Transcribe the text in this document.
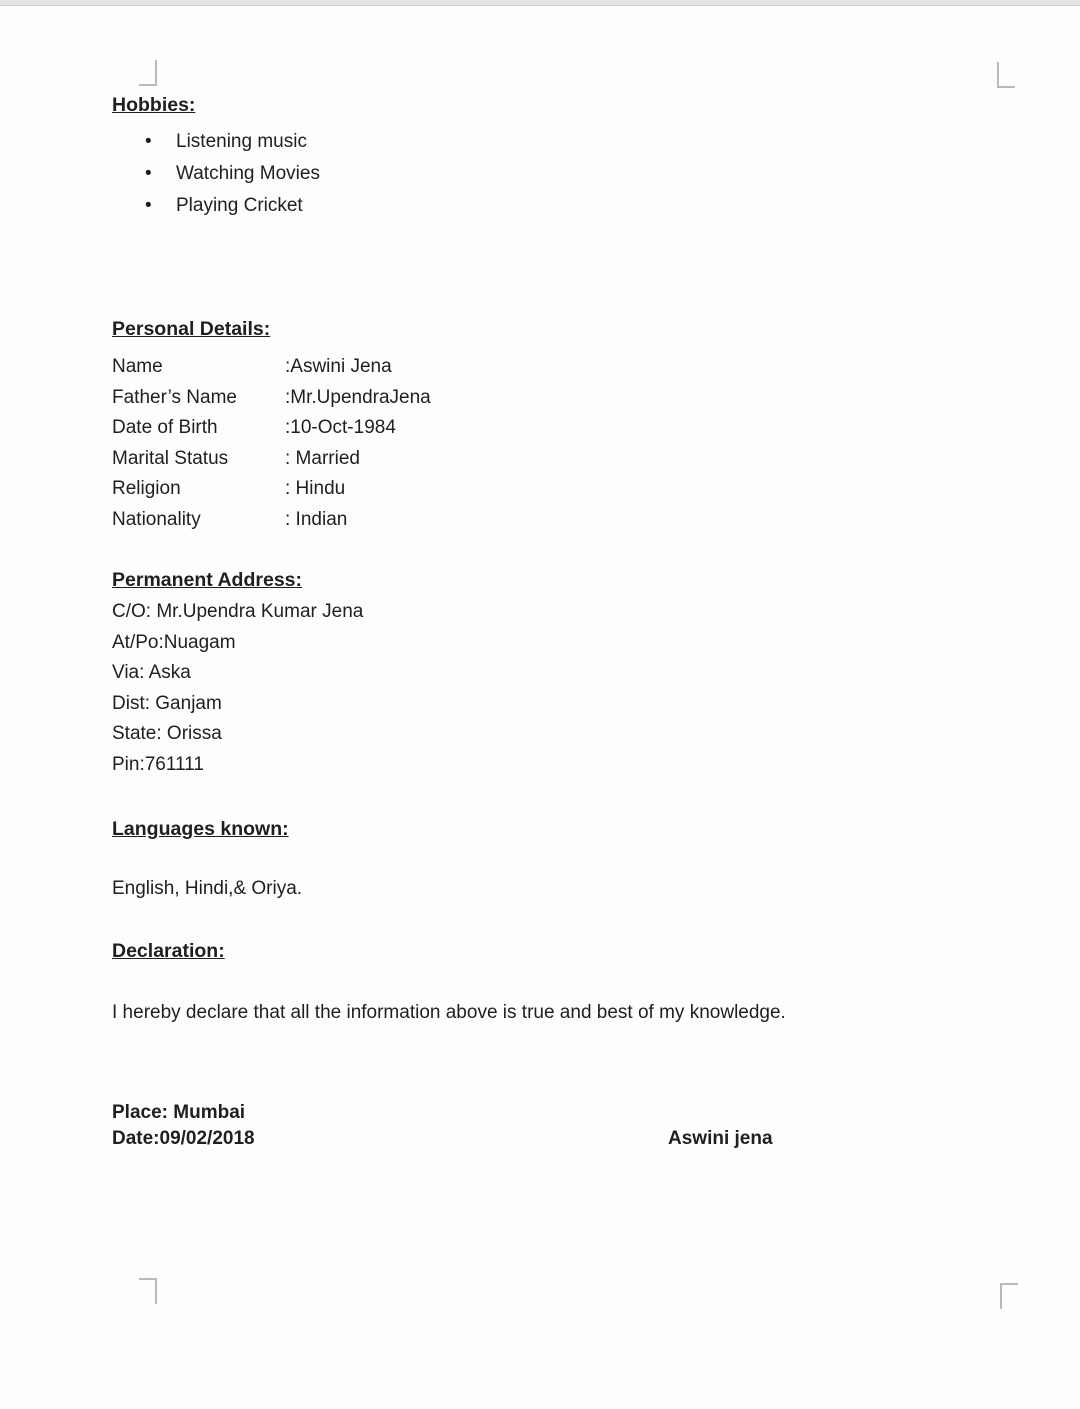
Hobbies:
• Listening music
• Watching Movies
• Playing Cricket
Personal Details:
Name	:Aswini Jena
Father’s Name	:Mr.UpendraJena
Date of Birth	:10-Oct-1984
Marital Status	: Married
Religion	: Hindu
Nationality	: Indian
Permanent Address:
C/O: Mr.Upendra Kumar Jena
At/Po:Nuagam
Via: Aska
Dist: Ganjam
State: Orissa
Pin:761111
Languages known:
English, Hindi,& Oriya.
Declaration:
I hereby declare that all the information above is true and best of my knowledge.
Place: Mumbai
Date:09/02/2018	Aswini jena
